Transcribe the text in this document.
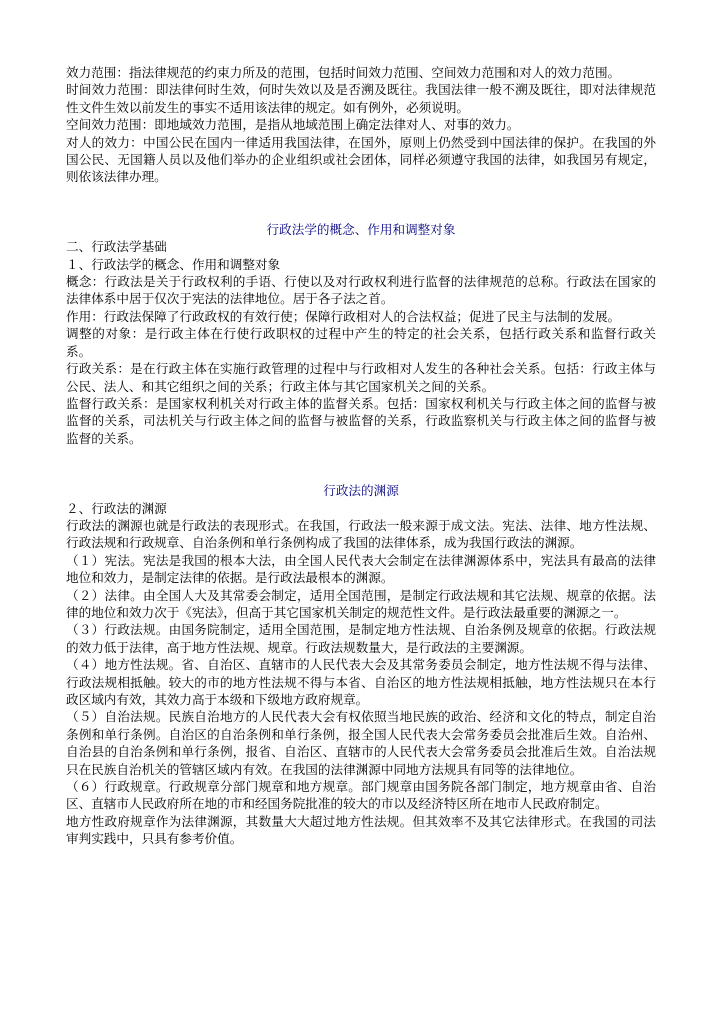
效力范围：指法律规范的约束力所及的范围，包括时间效力范围、空间效力范围和对人的效力范围。

时间效力范围：即法律何时生效，何时失效以及是否溯及既往。我国法律一般不溯及既往，即对法律规范性文件生效以前发生的事实不适用该法律的规定。如有例外，必须说明。

空间效力范围：即地域效力范围，是指从地域范围上确定法律对人、对事的效力。

对人的效力：中国公民在国内一律适用我国法律，在国外，原则上仍然受到中国法律的保护。在我国的外国公民、无国籍人员以及他们举办的企业组织或社会团体，同样必须遵守我国的法律，如我国另有规定，则依该法律办理。

行政法学的概念、作用和调整对象

二、行政法学基础

１、行政法学的概念、作用和调整对象

概念：行政法是关于行政权利的手语、行使以及对行政权利进行监督的法律规范的总称。行政法在国家的法律体系中居于仅次于宪法的法律地位。居于各子法之首。

作用：行政法保障了行政政权的有效行使；保障行政相对人的合法权益；促进了民主与法制的发展。

调整的对象：是行政主体在行使行政职权的过程中产生的特定的社会关系，包括行政关系和监督行政关系。

行政关系：是在行政主体在实施行政管理的过程中与行政相对人发生的各种社会关系。包括：行政主体与公民、法人、和其它组织之间的关系；行政主体与其它国家机关之间的关系。

监督行政关系：是国家权利机关对行政主体的监督关系。包括：国家权利机关与行政主体之间的监督与被监督的关系，司法机关与行政主体之间的监督与被监督的关系，行政监察机关与行政主体之间的监督与被监督的关系。

行政法的渊源

２、行政法的渊源

行政法的渊源也就是行政法的表现形式。在我国，行政法一般来源于成文法。宪法、法律、地方性法规、行政法规和行政规章、自治条例和单行条例构成了我国的法律体系，成为我国行政法的渊源。

（１）宪法。宪法是我国的根本大法，由全国人民代表大会制定在法律渊源体系中，宪法具有最高的法律地位和效力，是制定法律的依据。是行政法最根本的渊源。

（２）法律。由全国人大及其常委会制定，适用全国范围，是制定行政法规和其它法规、规章的依据。法律的地位和效力次于《宪法》，但高于其它国家机关制定的规范性文件。是行政法最重要的渊源之一。

（３）行政法规。由国务院制定，适用全国范围，是制定地方性法规、自治条例及规章的依据。行政法规的效力低于法律，高于地方性法规、规章。行政法规数量大，是行政法的主要渊源。

（４）地方性法规。省、自治区、直辖市的人民代表大会及其常务委员会制定，地方性法规不得与法律、行政法规相抵触。较大的市的地方性法规不得与本省、自治区的地方性法规相抵触，地方性法规只在本行政区域内有效，其效力高于本级和下级地方政府规章。

（５）自治法规。民族自治地方的人民代表大会有权依照当地民族的政治、经济和文化的特点，制定自治条例和单行条例。自治区的自治条例和单行条例，报全国人民代表大会常务委员会批准后生效。自治州、自治县的自治条例和单行条例，报省、自治区、直辖市的人民代表大会常务委员会批准后生效。自治法规只在民族自治机关的管辖区域内有效。在我国的法律渊源中同地方法规具有同等的法律地位。

（６）行政规章。行政规章分部门规章和地方规章。部门规章由国务院各部门制定，地方规章由省、自治区、直辖市人民政府所在地的市和经国务院批准的较大的市以及经济特区所在地市人民政府制定。

地方性政府规章作为法律渊源，其数量大大超过地方性法规。但其效率不及其它法律形式。在我国的司法审判实践中，只具有参考价值。
